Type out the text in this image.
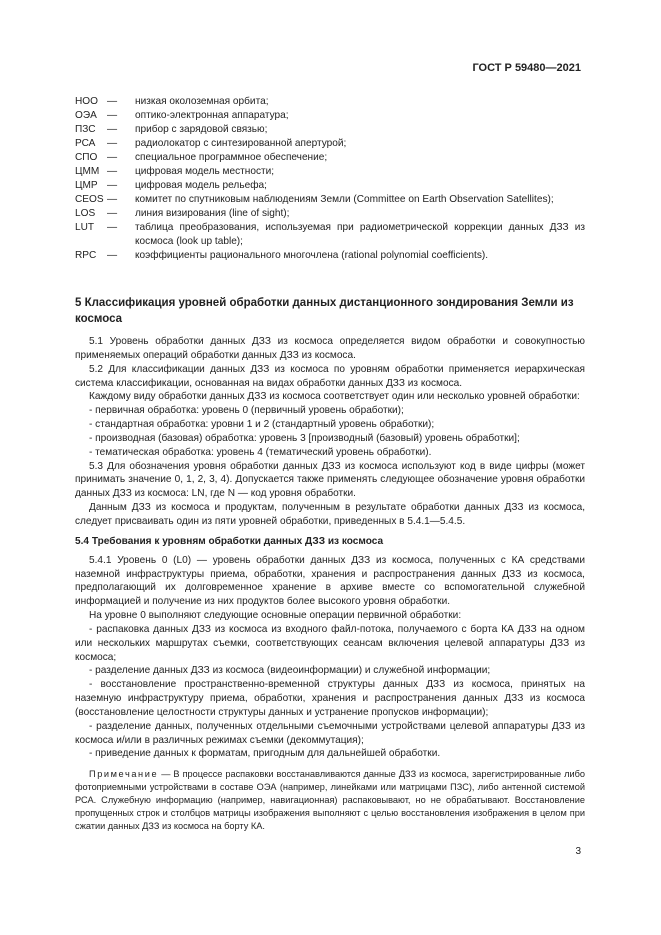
ГОСТ Р 59480—2021
НОО —	низкая околоземная орбита;
ОЭА	—	оптико-электронная аппаратура;
ПЗС	—	прибор с зарядовой связью;
РСА	—	радиолокатор с синтезированной апертурой;
СПО —	специальное программное обеспечение;
ЦММ —	цифровая модель местности;
ЦМР —	цифровая модель рельефа;
CEOS —	комитет по спутниковым наблюдениям Земли (Committee on Earth Observation Satellites);
LOS	—	линия визирования (line of sight);
LUT	—	таблица преобразования, используемая при радиометрической коррекции данных ДЗЗ из космоса (look up table);
RPC	—	коэффициенты рационального многочлена (rational polynomial coefficients).
5 Классификация уровней обработки данных дистанционного зондирования Земли из космоса

5.1 Уровень обработки данных ДЗЗ из космоса определяется видом обработки и совокупностью применяемых операций обработки данных ДЗЗ из космоса.

5.2 Для классификации данных ДЗЗ из космоса по уровням обработки применяется иерархическая система классификации, основанная на видах обработки данных ДЗЗ из космоса.

Каждому виду обработки данных ДЗЗ из космоса соответствует один или несколько уровней обработки:

- первичная обработка: уровень 0 (первичный уровень обработки);

- стандартная обработка: уровни 1 и 2 (стандартный уровень обработки);

- производная (базовая) обработка: уровень 3 [производный (базовый) уровень обработки];

- тематическая обработка: уровень 4 (тематический уровень обработки).

5.3 Для обозначения уровня обработки данных ДЗЗ из космоса используют код в виде цифры (может принимать значение 0, 1, 2, 3, 4). Допускается также применять следующее обозначение уровня обработки данных ДЗЗ из космоса: LN, где N — код уровня обработки.

Данным ДЗЗ из космоса и продуктам, полученным в результате обработки данных ДЗЗ из космоса, следует присваивать один из пяти уровней обработки, приведенных в 5.4.1—5.4.5.

5.4 Требования к уровням обработки данных ДЗЗ из космоса

5.4.1 Уровень 0 (L0) — уровень обработки данных ДЗЗ из космоса, полученных с КА средствами наземной инфраструктуры приема, обработки, хранения и распространения данных ДЗЗ из космоса, предполагающий их долговременное хранение в архиве вместе со вспомогательной служебной информацией и получение из них продуктов более высокого уровня обработки.

На уровне 0 выполняют следующие основные операции первичной обработки:

- распаковка данных ДЗЗ из космоса из входного файл-потока, получаемого с борта КА ДЗЗ на одном или нескольких маршрутах съемки, соответствующих сеансам включения целевой аппаратуры ДЗЗ из космоса;

- разделение данных ДЗЗ из космоса (видеоинформации) и служебной информации;

- восстановление пространственно-временной структуры данных ДЗЗ из космоса, принятых на наземную инфраструктуру приема, обработки, хранения и распространения данных ДЗЗ из космоса (восстановление целостности структуры данных и устранение пропусков информации);

- разделение данных, полученных отдельными съемочными устройствами целевой аппаратуры ДЗЗ из космоса и/или в различных режимах съемки (декоммутация);

- приведение данных к форматам, пригодным для дальнейшей обработки.

Примечание — В процессе распаковки восстанавливаются данные ДЗЗ из космоса, зарегистрированные либо фотоприемными устройствами в составе ОЭА (например, линейками или матрицами ПЗС), либо антенной системой РСА. Служебную информацию (например, навигационная) распаковывают, но не обрабатывают. Восстановление пропущенных строк и столбцов матрицы изображения выполняют с целью восстановления изображения в целом при сжатии данных ДЗЗ из космоса на борту КА.
3
